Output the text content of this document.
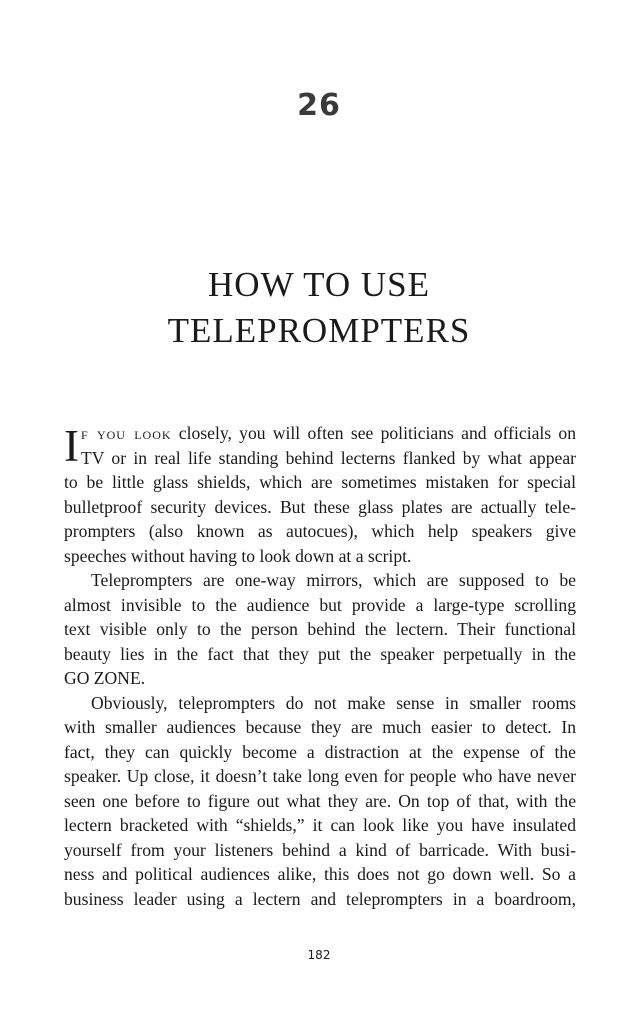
26
HOW TO USE
TELEPROMPTERS
I f you look closely, you will often see politicians and officials on
TV or in real life standing behind lecterns flanked by what appear
to be little glass shields, which are sometimes mistaken for special
bulletproof security devices. But these glass plates are actually tele-
prompters (also known as autocues), which help speakers give
speeches without having to look down at a script.
Teleprompters are one-way mirrors, which are supposed to be
almost invisible to the audience but provide a large-type scrolling
text visible only to the person behind the lectern. Their functional
beauty lies in the fact that they put the speaker perpetually in the
GO ZONE.
Obviously, teleprompters do not make sense in smaller rooms
with smaller audiences because they are much easier to detect. In
fact, they can quickly become a distraction at the expense of the
speaker. Up close, it doesn’t take long even for people who have never
seen one before to figure out what they are. On top of that, with the
lectern bracketed with “shields,” it can look like you have insulated
yourself from your listeners behind a kind of barricade. With busi-
ness and political audiences alike, this does not go down well. So a
business leader using a lectern and teleprompters in a boardroom,
182
